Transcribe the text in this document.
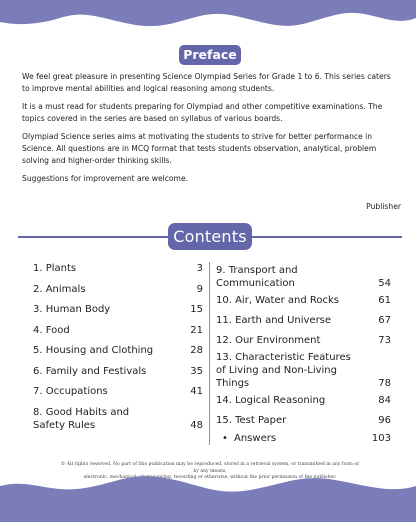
Preface

We feel great pleasure in presenting Science Olympiad Series for Grade 1 to 6. This series caters to improve mental abilities and logical reasoning among students.

It is a must read for students preparing for Olympiad and other competitive examinations. The topics covered in the series are based on syllabus of various boards.

Olympiad Science series aims at motivating the students to strive for better performance in Science. All questions are in MCQ format that tests students observation, analytical, problem solving and higher-order thinking skills.

Suggestions for improvement are welcome.

Publisher
Contents
1. Plants	3
2. Animals	9
3. Human Body	15
4. Food	21
5. Housing and Clothing	28
6. Family and Festivals	35
7. Occupations	41
8. Good Habits and
Safety Rules	48
9. Transport and
Communication	54
10. Air, Water and Rocks	61
11. Earth and Universe	67
12. Our Environment	73
13. Characteristic Features
of Living and Non-Living
Things	78
14. Logical Reasoning	84
15. Test Paper	96
• Answers	103
© All rights reserved. No part of this publication may be reproduced, stored in a retrieval system, or transmitted in any form or by any means,
electronic, mechanical, photocopying, recording or otherwise, without the prior permission of the publisher.
